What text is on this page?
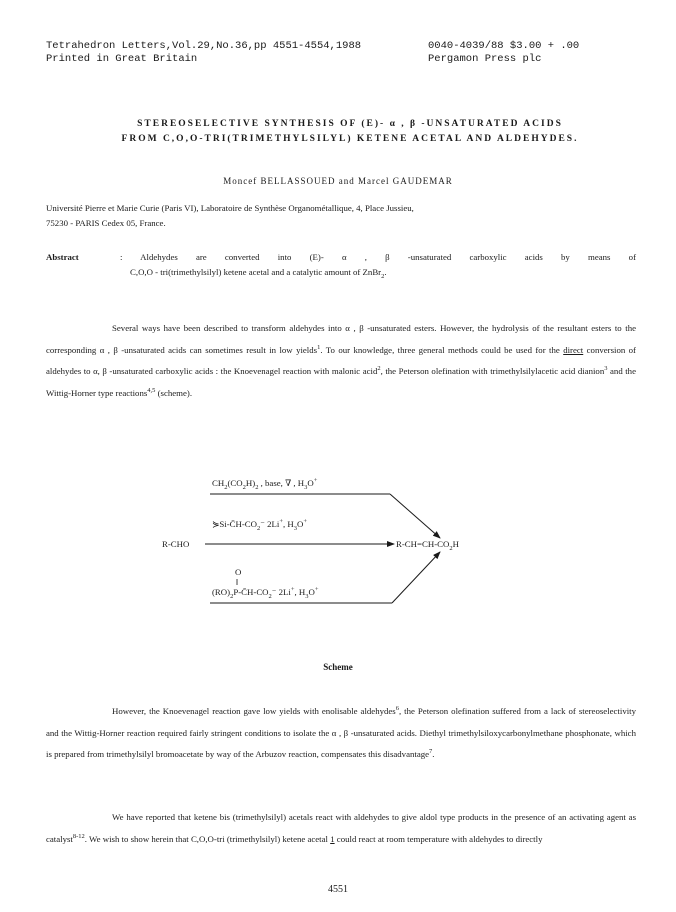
Tetrahedron Letters,Vol.29,No.36,pp 4551-4554,1988
Printed in Great Britain
0040-4039/88 $3.00 + .00
Pergamon Press plc
STEREOSELECTIVE SYNTHESIS OF (E)- α , β -UNSATURATED ACIDS
FROM C,O,O-TRI(TRIMETHYLSILYL) KETENE ACETAL AND ALDEHYDES.
Moncef BELLASSOUED and Marcel GAUDEMAR
Université Pierre et Marie Curie (Paris VI), Laboratoire de Synthèse Organométallique, 4, Place Jussieu,
75230 - PARIS Cedex 05, France.
Abstract	: Aldehydes are converted into (E)- α , β -unsaturated carboxylic acids by means of
C,O,O - tri(trimethylsilyl) ketene acetal and a catalytic amount of ZnBr$_2$.

Several ways have been described to transform aldehydes into α , β -unsaturated esters. However, the hydrolysis of the resultant esters to the corresponding α , β -unsaturated acids can sometimes result in low yields$^1$. To our knowledge, three general methods could be used for the direct conversion of aldehydes to α, β -unsaturated carboxylic acids : the Knoevenagel reaction with malonic acid$^2$, the Peterson olefination with trimethylsilylacetic acid dianion$^3$ and the Wittig-Horner type reactions$^{4,5}$ (scheme).

$CH_2(CO_2H)_2$ , base, ∇ , $H_3O^+$
$⋟Si-C̄H-CO_2^-$ 2Li+, $H_3O^+$
R-CHO	$R-CH=CH-CO_2H$
O
‖
$(RO)_2P-C̄H-CO_2^-$ 2Li+, $H_3O^+$
Scheme

However, the Knoevenagel reaction gave low yields with enolisable aldehydes$^6$, the Peterson olefination suffered from a lack of stereoselectivity and the Wittig-Horner reaction required fairly stringent conditions to isolate the α , β -unsaturated acids. Diethyl trimethylsiloxycarbonylmethane phosphonate, which is prepared from trimethylsilyl bromoacetate by way of the Arbuzov reaction, compensates this disadvantage$^7$.

We have reported that ketene bis (trimethylsilyl) acetals react with aldehydes to give aldol type products in the presence of an activating agent as catalyst$^{8-12}$. We wish to show herein that C,O,O-tri (trimethylsilyl) ketene acetal 1 could react at room temperature with aldehydes to directly

4551
